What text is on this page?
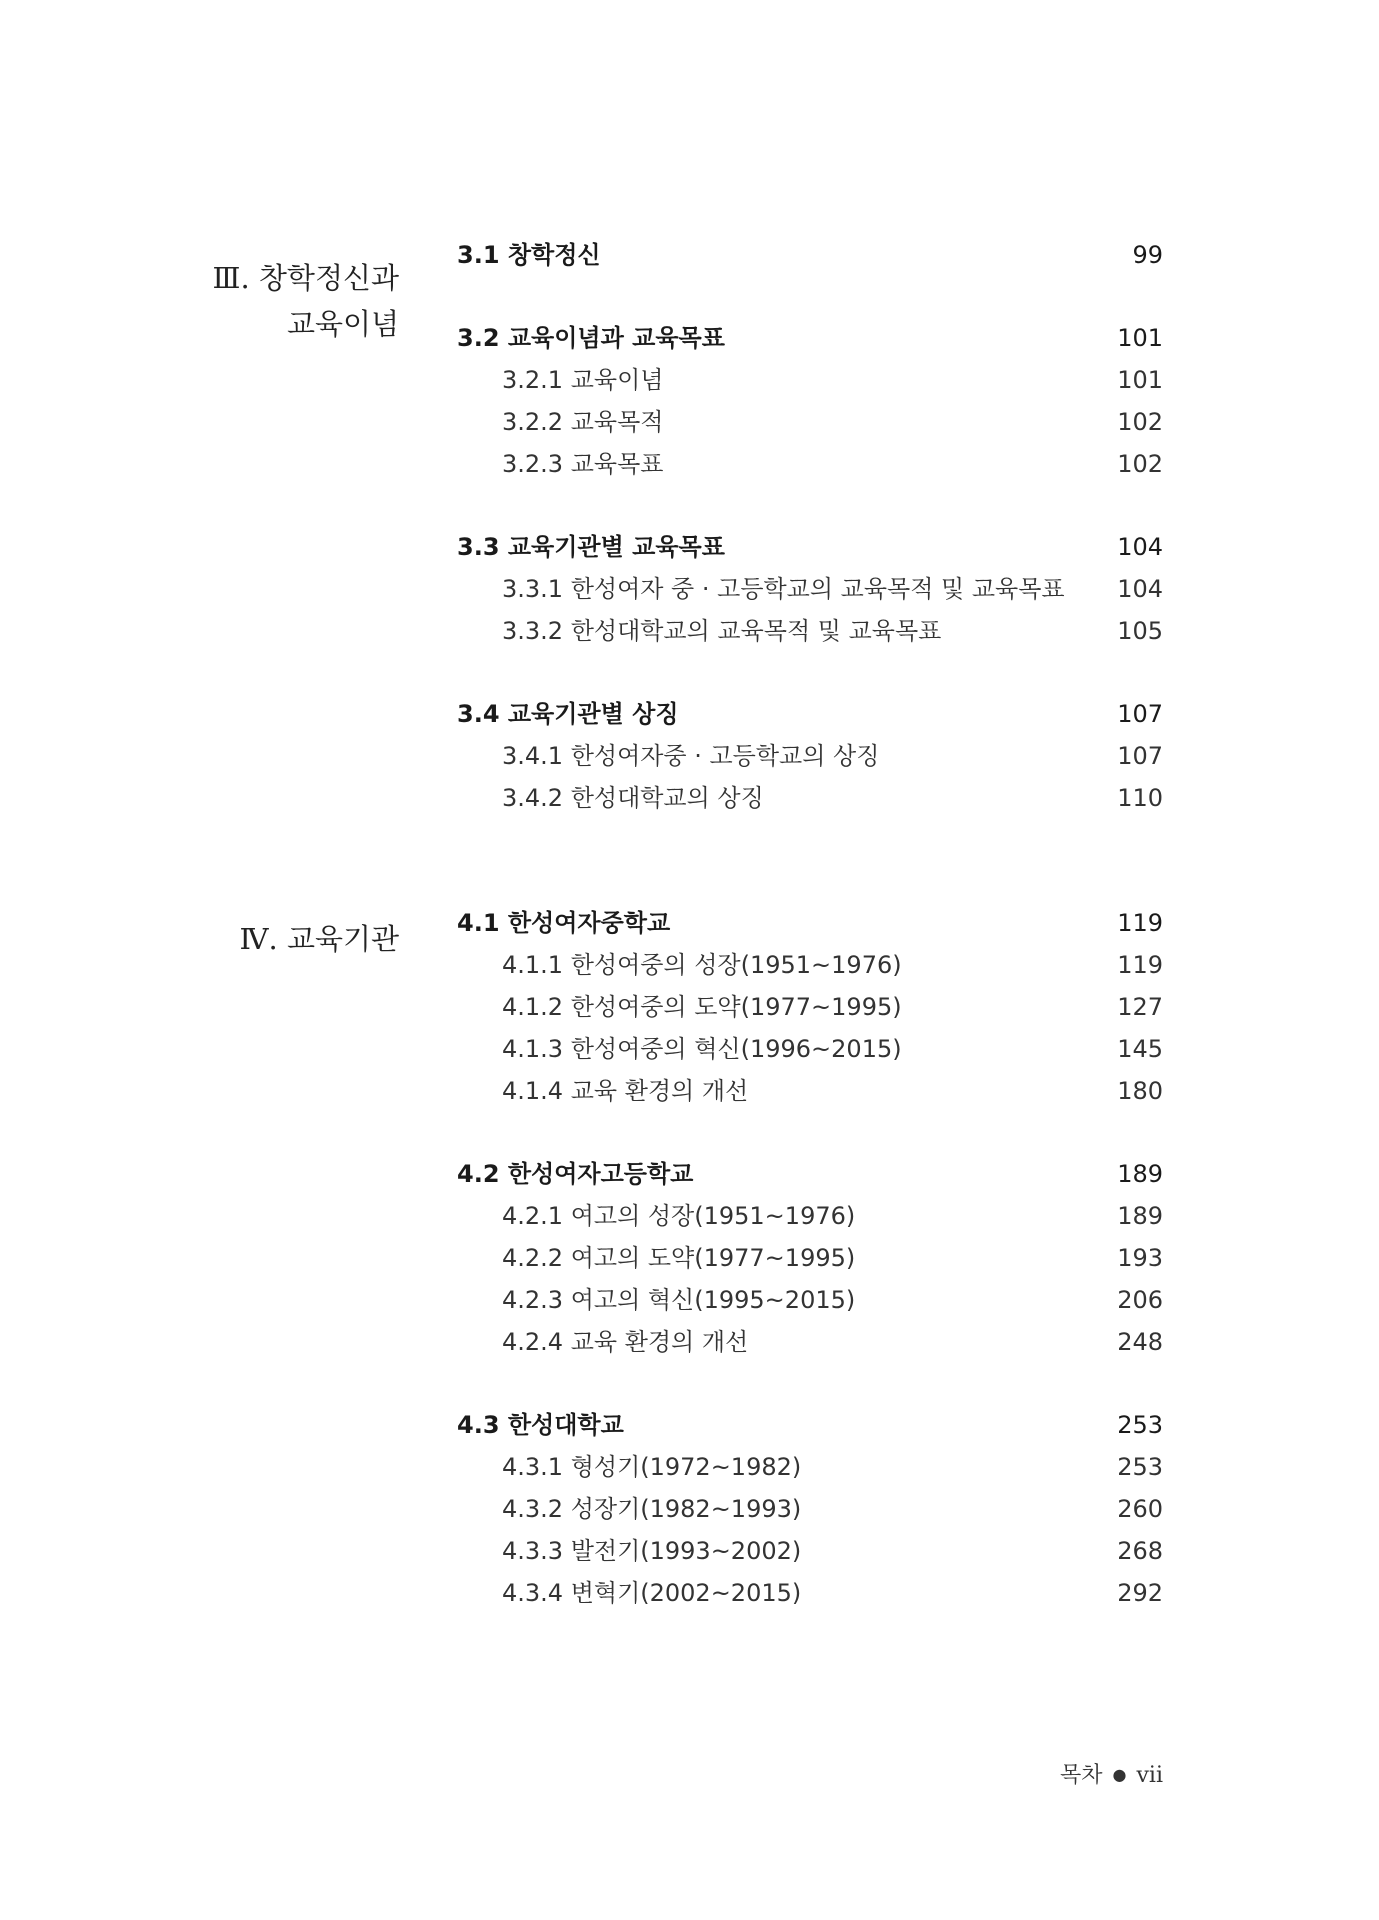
Ⅲ. 창학정신과
교육이념
Ⅳ. 교육기관
3.1 창학정신	99
3.2 교육이념과 교육목표	101
3.2.1 교육이념	101
3.2.2 교육목적	102
3.2.3 교육목표	102
3.3 교육기관별 교육목표	104
3.3.1 한성여자 중 · 고등학교의 교육목적 및 교육목표 104
3.3.2 한성대학교의 교육목적 및 교육목표	105
3.4 교육기관별 상징	107
3.4.1 한성여자중 · 고등학교의 상징	107
3.4.2 한성대학교의 상징	110
4.1 한성여자중학교	119
4.1.1 한성여중의 성장(1951~1976)	119
4.1.2 한성여중의 도약(1977~1995)	127
4.1.3 한성여중의 혁신(1996~2015)	145
4.1.4 교육 환경의 개선	180
4.2 한성여자고등학교	189
4.2.1 여고의 성장(1951~1976)	189
4.2.2 여고의 도약(1977~1995)	193
4.2.3 여고의 혁신(1995~2015)	206
4.2.4 교육 환경의 개선	248
4.3 한성대학교	253
4.3.1 형성기(1972~1982)	253
4.3.2 성장기(1982~1993)	260
4.3.3 발전기(1993~2002)	268
4.3.4 변혁기(2002~2015)	292
목차 ● vii
